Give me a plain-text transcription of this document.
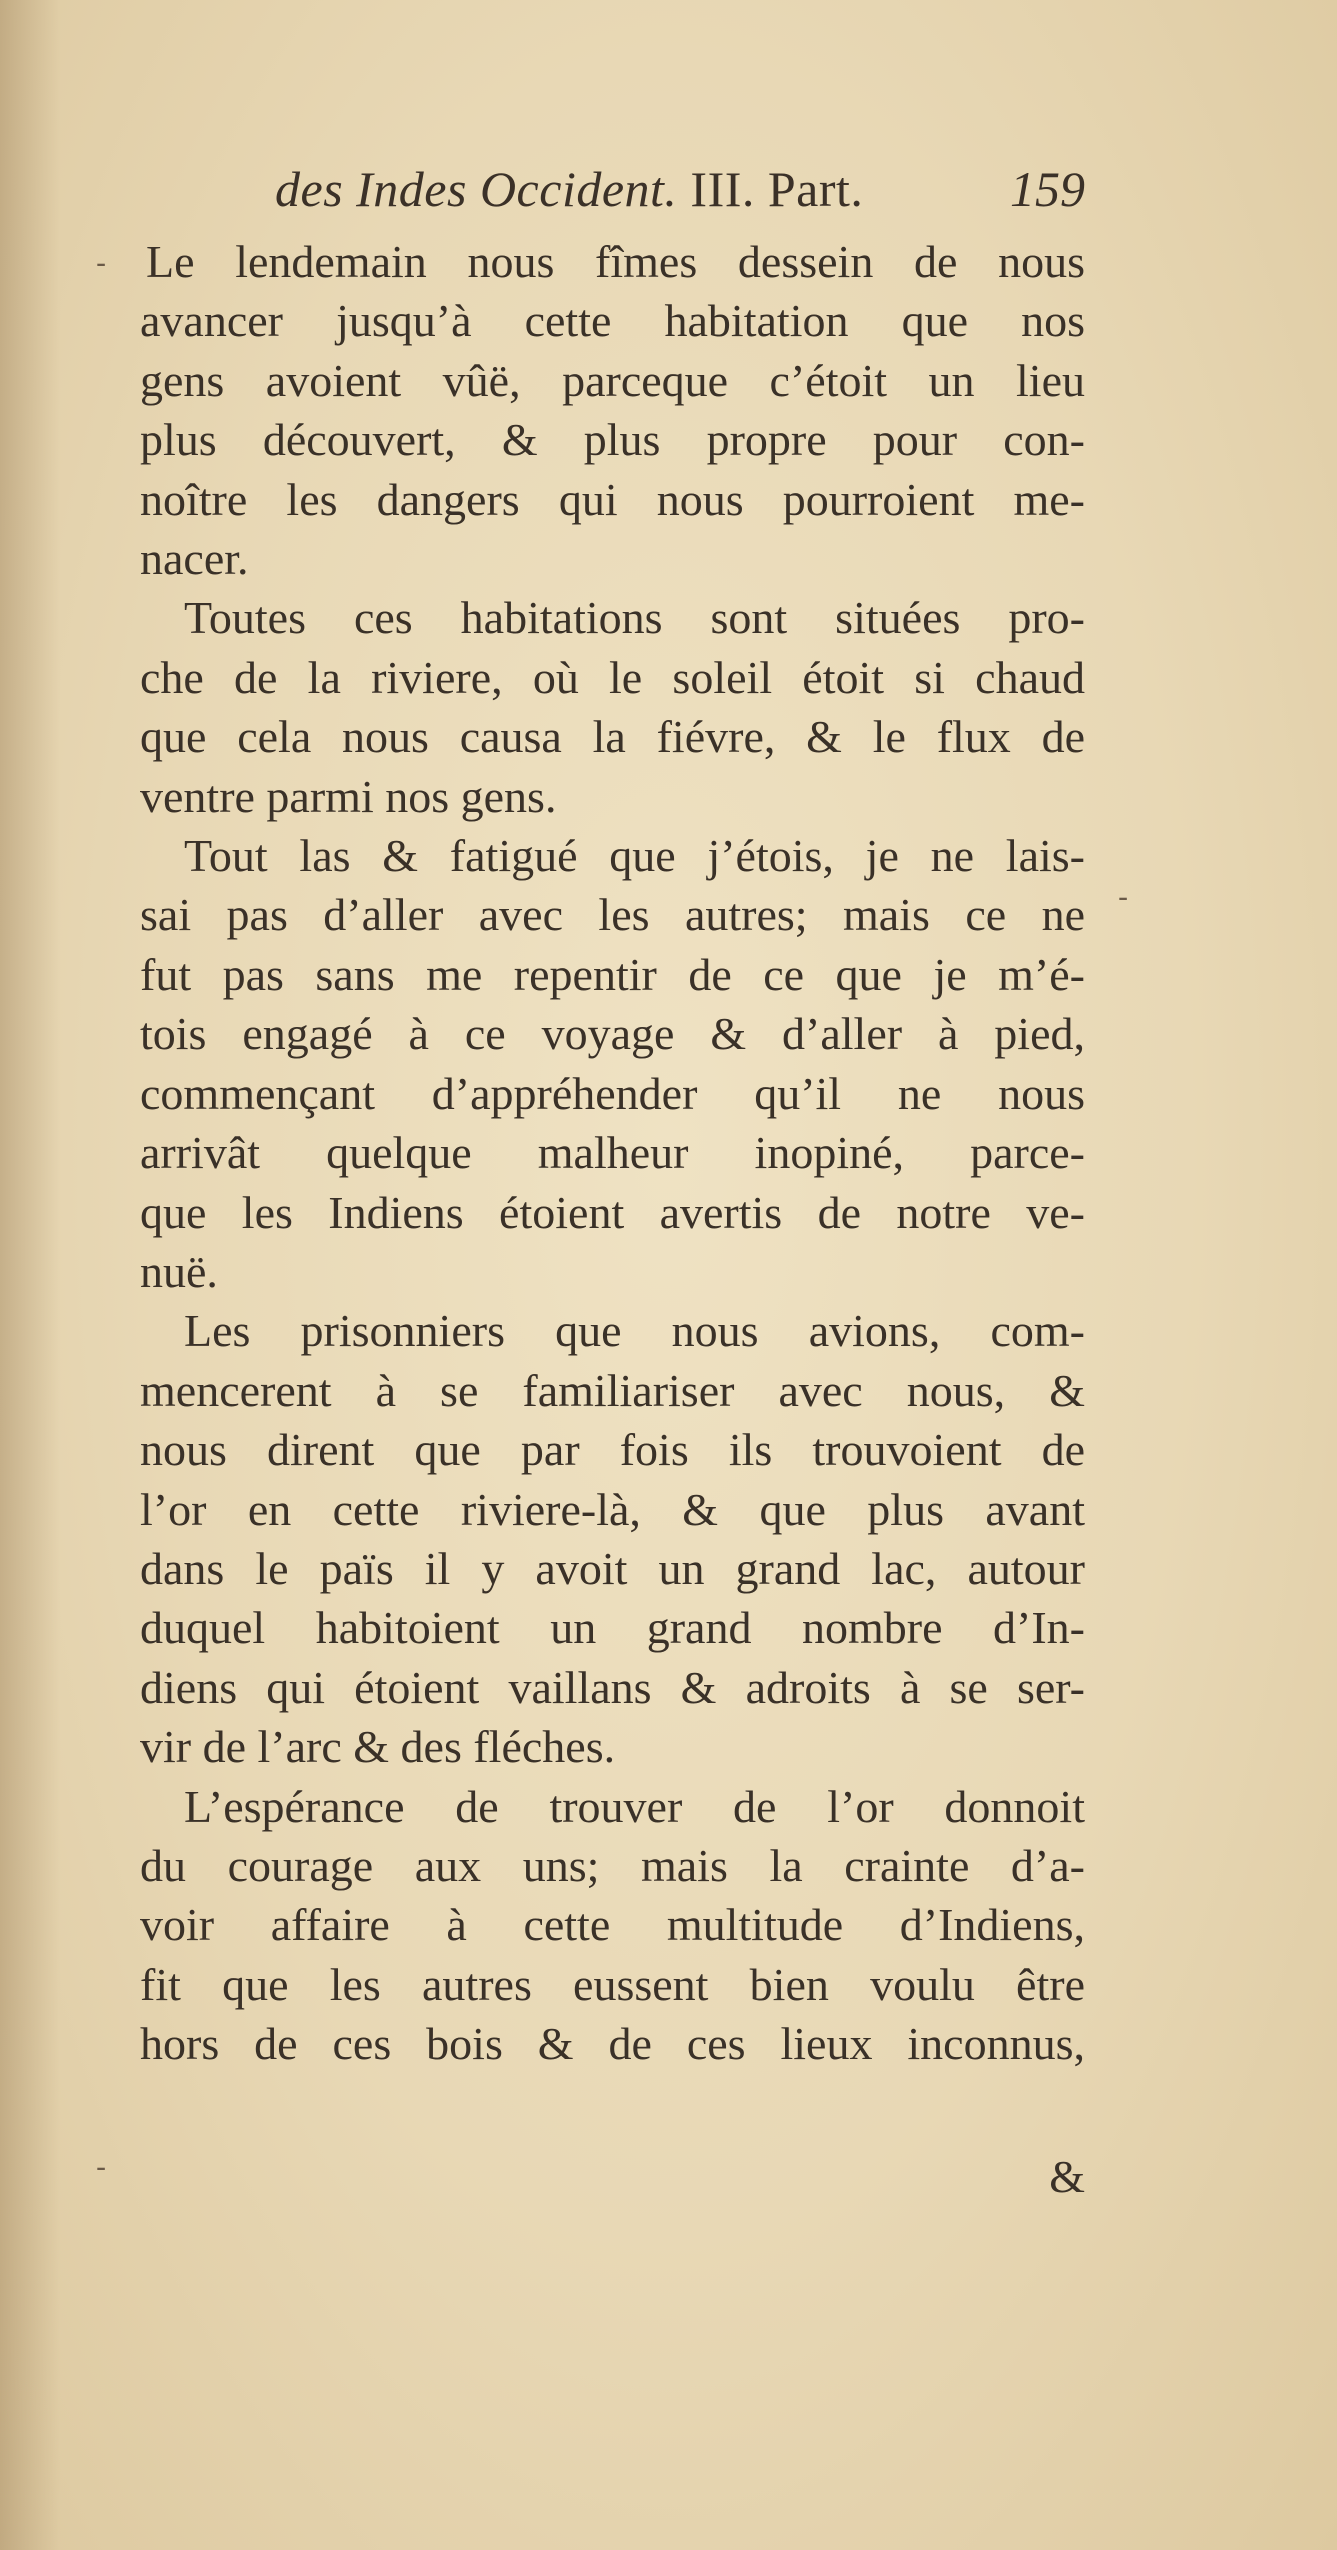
des Indes Occident. III. Part.	159
-
-
-

Le lendemain nous fîmes dessein de nous
avancer jusqu’à cette habitation que nos
gens avoient vûë, parceque c’étoit un lieu
plus découvert, & plus propre pour con-
noître les dangers qui nous pourroient me-
nacer.

Toutes ces habitations sont situées pro-
che de la riviere, où le soleil étoit si chaud
que cela nous causa la fiévre, & le flux de
ventre parmi nos gens.

Tout las & fatigué que j’étois, je ne lais-
sai pas d’aller avec les autres; mais ce ne
fut pas sans me repentir de ce que je m’é-
tois engagé à ce voyage & d’aller à pied,
commençant d’appréhender qu’il ne nous
arrivât quelque malheur inopiné, parce-
que les Indiens étoient avertis de notre ve-
nuë.

Les prisonniers que nous avions, com-
mencerent à se familiariser avec nous, &
nous dirent que par fois ils trouvoient de
l’or en cette riviere-là, & que plus avant
dans le païs il y avoit un grand lac, autour
duquel habitoient un grand nombre d’In-
diens qui étoient vaillans & adroits à se ser-
vir de l’arc & des fléches.

L’espérance de trouver de l’or donnoit
du courage aux uns; mais la crainte d’a-
voir affaire à cette multitude d’Indiens,
fit que les autres eussent bien voulu être
hors de ces bois & de ces lieux inconnus,

&
